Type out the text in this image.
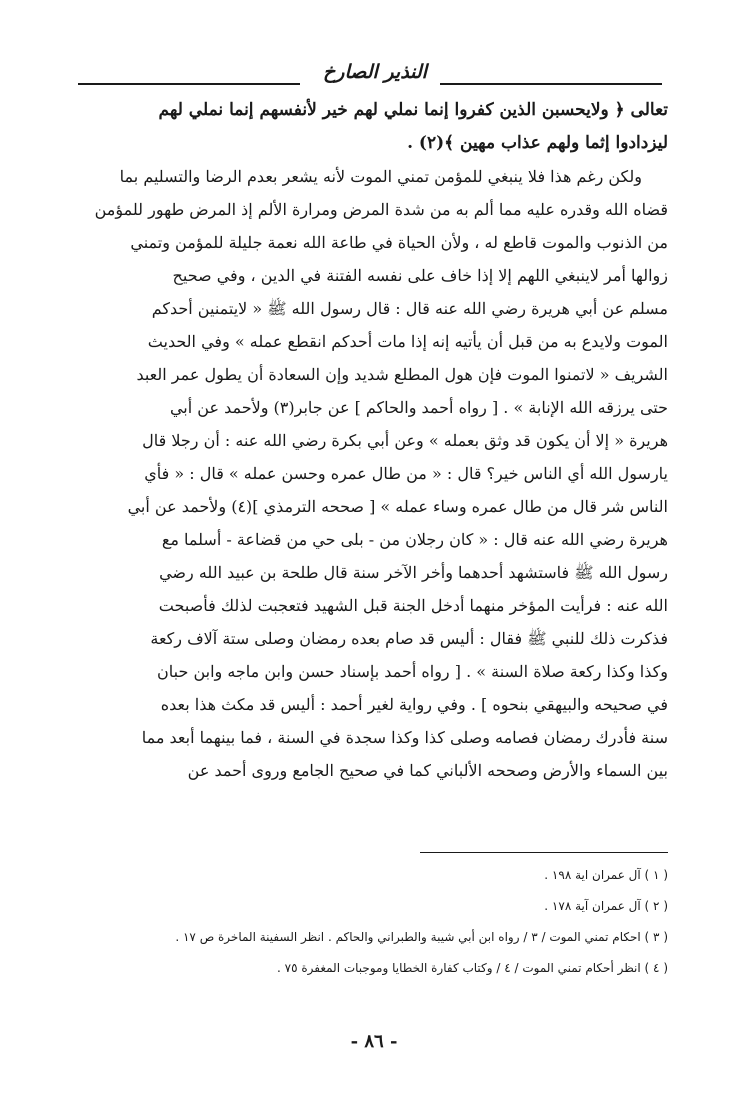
النذير الصارخ
تعالى ﴿ ولايحسبن الذين كفروا إنما نملي لهم خير لأنفسهم إنما نملي لهم
ليزدادوا إثما ولهم عذاب مهين ﴾(٢) .
ولكن رغم هذا فلا ينبغي للمؤمن تمني الموت لأنه يشعر بعدم الرضا والتسليم بما
قضاه الله وقدره عليه مما ألم به من شدة المرض ومرارة الألم إذ المرض طهور للمؤمن
من الذنوب والموت قاطع له ، ولأن الحياة في طاعة الله نعمة جليلة للمؤمن وتمني
زوالها أمر لاينبغي اللهم إلا إذا خاف على نفسه الفتنة في الدين ، وفي صحيح
مسلم عن أبي هريرة رضي الله عنه قال : قال رسول الله ﷺ « لايتمنين أحدكم
الموت ولايدع به من قبل أن يأتيه إنه إذا مات أحدكم انقطع عمله » وفي الحديث
الشريف « لاتمنوا الموت فإن هول المطلع شديد وإن السعادة أن يطول عمر العبد
حتى يرزقه الله الإنابة » . [ رواه أحمد والحاكم ] عن جابر(٣) ولأحمد عن أبي
هريرة « إلا أن يكون قد وثق بعمله » وعن أبي بكرة رضي الله عنه : أن رجلا قال
يارسول الله أي الناس خير؟ قال : « من طال عمره وحسن عمله » قال : « فأي
الناس شر قال من طال عمره وساء عمله » [ صححه الترمذي ](٤) ولأحمد عن أبي
هريرة رضي الله عنه قال : « كان رجلان من - بلى حي من قضاعة - أسلما مع
رسول الله ﷺ فاستشهد أحدهما وأخر الآخر سنة قال طلحة بن عبيد الله رضي
الله عنه : فرأيت المؤخر منهما أدخل الجنة قبل الشهيد فتعجبت لذلك فأصبحت
فذكرت ذلك للنبي ﷺ فقال : أليس قد صام بعده رمضان وصلى ستة آلاف ركعة
وكذا وكذا ركعة صلاة السنة » . [ رواه أحمد بإسناد حسن وابن ماجه وابن حبان
في صحيحه والبيهقي بنحوه ] . وفي رواية لغير أحمد : أليس قد مكث هذا بعده
سنة فأدرك رمضان فصامه وصلى كذا وكذا سجدة في السنة ، فما بينهما أبعد مما
بين السماء والأرض وصححه الألباني كما في صحيح الجامع وروى أحمد عن
( ١ ) آل عمران اية ١٩٨ .
( ٢ ) آل عمران آية ١٧٨ .
( ٣ ) احكام تمني الموت / ٣ / رواه ابن أبي شيبة والطبراني والحاكم . انظر السفينة الماخرة ص ١٧ .
( ٤ ) انظر أحكام تمني الموت / ٤ / وكتاب كفارة الخطايا وموجبات المغفرة ٧٥ .
- ٨٦ -
